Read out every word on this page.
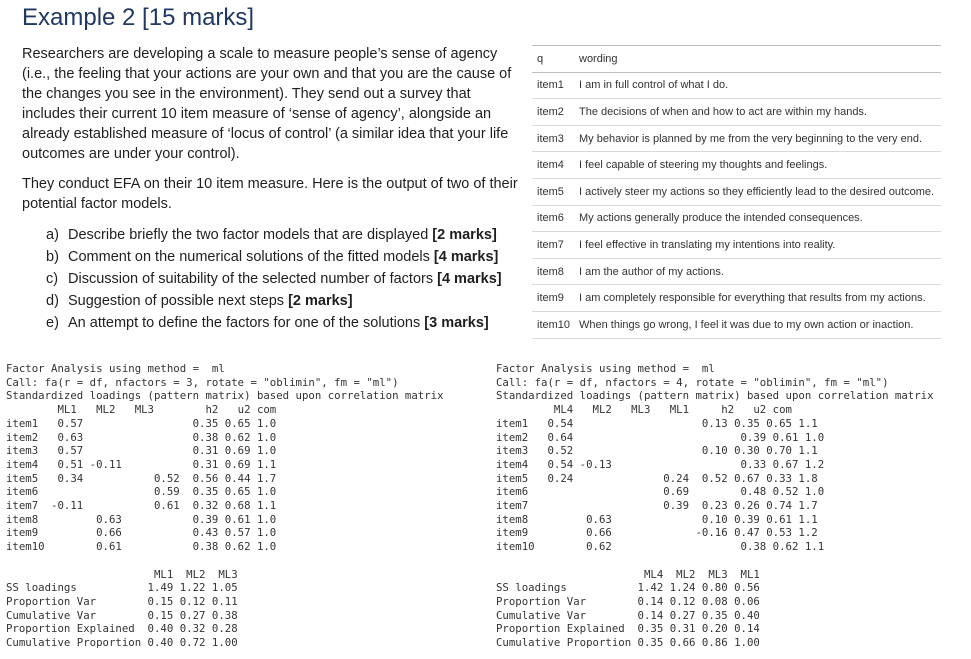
Example 2 [15 marks]

Researchers are developing a scale to measure people’s sense of agency (i.e., the feeling that your actions are your own and that you are the cause of the changes you see in the environment). They send out a survey that includes their current 10 item measure of ‘sense of agency’, alongside an already established measure of ‘locus of control’ (a similar idea that your life outcomes are under your control).

They conduct EFA on their 10 item measure. Here is the output of two of their potential factor models.

a) Describe briefly the two factor models that are displayed [2 marks]
b) Comment on the numerical solutions of the fitted models [4 marks]
c) Discussion of suitability of the selected number of factors [4 marks]
d) Suggestion of possible next steps [2 marks]
e) An attempt to define the factors for one of the solutions [3 marks]
q	wording
item1	I am in full control of what I do.
item2	The decisions of when and how to act are within my hands.
item3	My behavior is planned by me from the very beginning to the very end.
item4	I feel capable of steering my thoughts and feelings.
item5	I actively steer my actions so they efficiently lead to the desired outcome.
item6	My actions generally produce the intended consequences.
item7	I feel effective in translating my intentions into reality.
item8	I am the author of my actions.
item9	I am completely responsible for everything that results from my actions.
item10	When things go wrong, I feel it was due to my own action or inaction.
Factor Analysis using method =  ml
Call: fa(r = df, nfactors = 3, rotate = "oblimin", fm = "ml")
Standardized loadings (pattern matrix) based upon correlation matrix
ML1   ML2   ML3        h2   u2 com
item1   0.57                 0.35 0.65 1.0
item2   0.63                 0.38 0.62 1.0
item3   0.57                 0.31 0.69 1.0
item4   0.51 -0.11           0.31 0.69 1.1
item5   0.34           0.52  0.56 0.44 1.7
item6                  0.59  0.35 0.65 1.0
item7  -0.11           0.61  0.32 0.68 1.1
item8         0.63           0.39 0.61 1.0
item9         0.66           0.43 0.57 1.0
item10        0.61           0.38 0.62 1.0

ML1  ML2  ML3
SS loadings           1.49 1.22 1.05
Proportion Var        0.15 0.12 0.11
Cumulative Var        0.15 0.27 0.38
Proportion Explained  0.40 0.32 0.28
Cumulative Proportion 0.40 0.72 1.00
Factor Analysis using method =  ml
Call: fa(r = df, nfactors = 4, rotate = "oblimin", fm = "ml")
Standardized loadings (pattern matrix) based upon correlation matrix
ML4   ML2   ML3   ML1     h2   u2 com
item1   0.54                    0.13 0.35 0.65 1.1
item2   0.64                          0.39 0.61 1.0
item3   0.52                    0.10 0.30 0.70 1.1
item4   0.54 -0.13                    0.33 0.67 1.2
item5   0.24              0.24  0.52 0.67 0.33 1.8
item6                     0.69        0.48 0.52 1.0
item7                     0.39  0.23 0.26 0.74 1.7
item8         0.63              0.10 0.39 0.61 1.1
item9         0.66             -0.16 0.47 0.53 1.2
item10        0.62                    0.38 0.62 1.1

ML4  ML2  ML3  ML1
SS loadings           1.42 1.24 0.80 0.56
Proportion Var        0.14 0.12 0.08 0.06
Cumulative Var        0.14 0.27 0.35 0.40
Proportion Explained  0.35 0.31 0.20 0.14
Cumulative Proportion 0.35 0.66 0.86 1.00
